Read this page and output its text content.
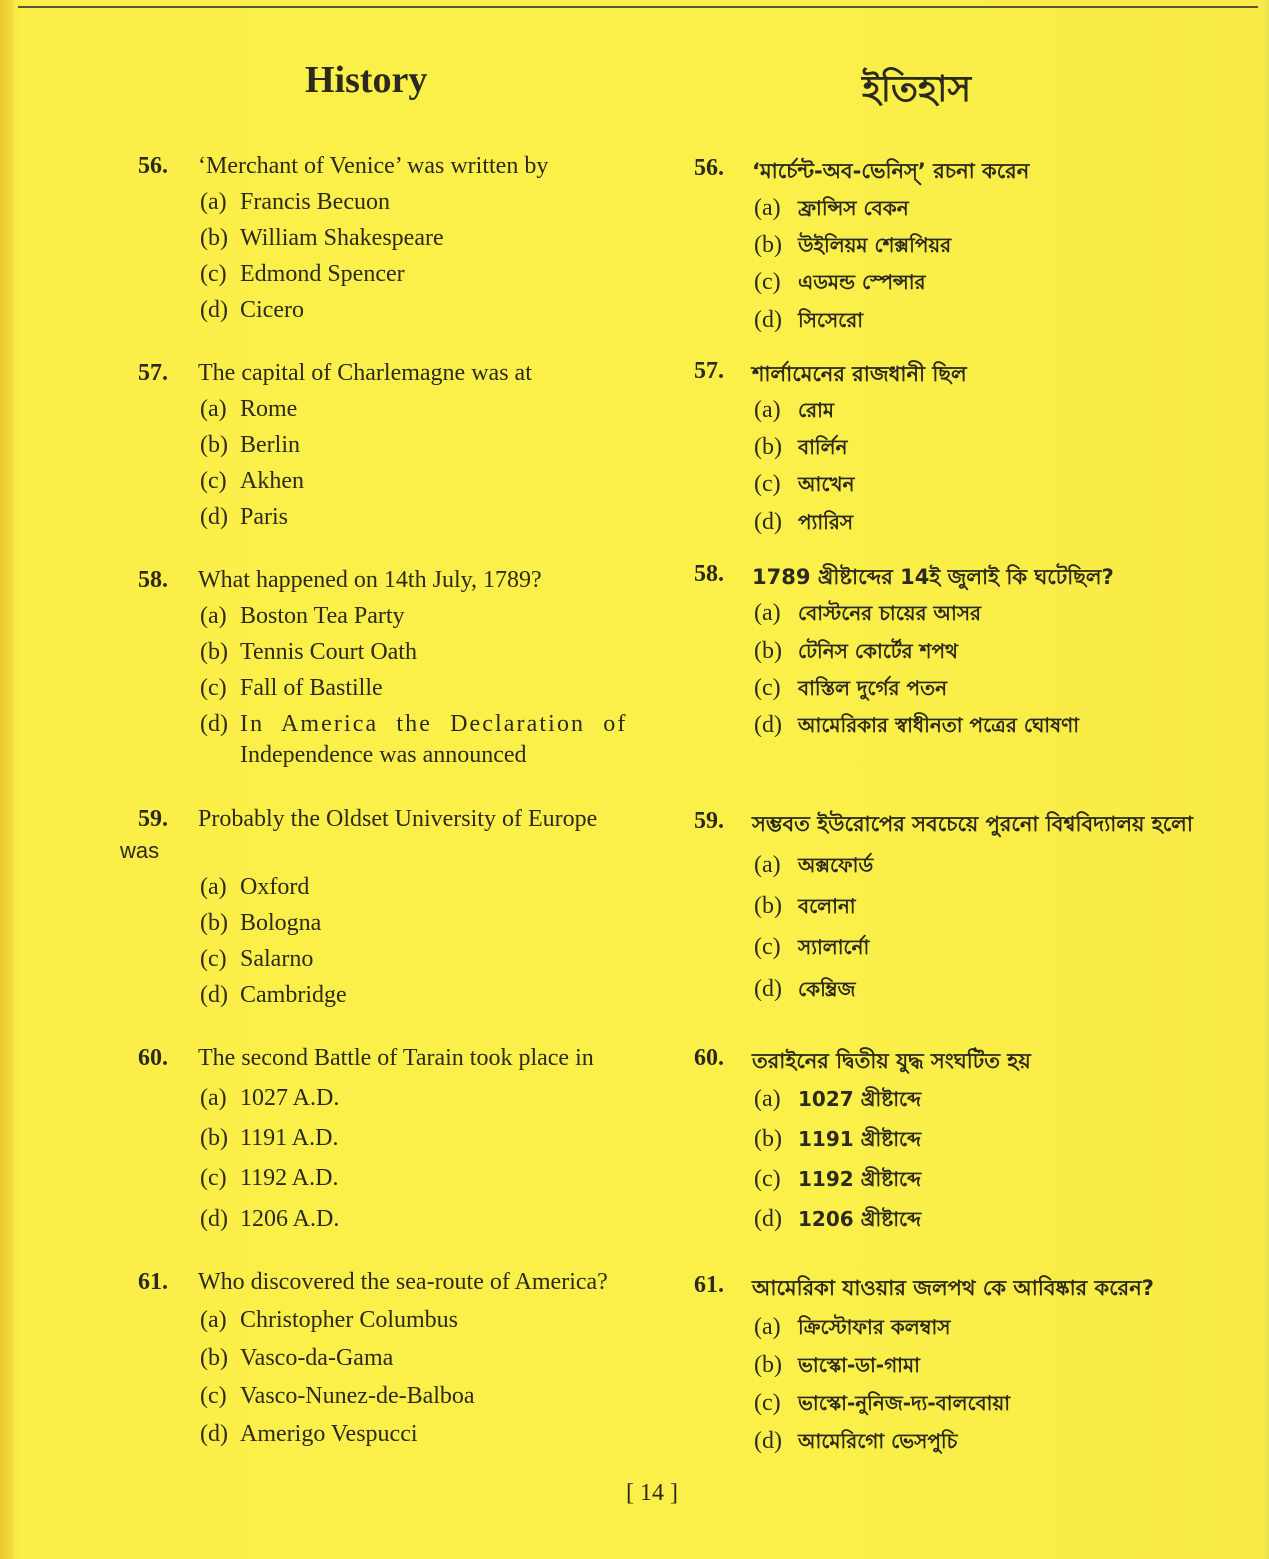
History	ইতিহাস
56. ‘Merchant of Venice’ was written by
(a) Francis Becuon
(b) William Shakespeare
(c) Edmond Spencer
(d) Cicero
57. The capital of Charlemagne was at
(a) Rome
(b) Berlin
(c) Akhen
(d) Paris
58. What happened on 14th July, 1789?
(a) Boston Tea Party
(b) Tennis Court Oath
(c) Fall of Bastille
(d) In America the Declaration of
Independence was announced
59. Probably the Oldset University of Europe
was
(a) Oxford
(b) Bologna
(c) Salarno
(d) Cambridge
60. The second Battle of Tarain took place in
(a) 1027 A.D.
(b) 1191 A.D.
(c) 1192 A.D.
(d) 1206 A.D.
61. Who discovered the sea-route of America?
(a) Christopher Columbus
(b) Vasco-da-Gama
(c) Vasco-Nunez-de-Balboa
(d) Amerigo Vespucci
56. ‘মার্চেন্ট-অব-ভেনিস্’ রচনা করেন
(a) ফ্রান্সিস বেকন
(b) উইলিয়ম শেক্সপিয়র
(c) এডমন্ড স্পেন্সার
(d) সিসেরো
57. শার্লামেনের রাজধানী ছিল
(a) রোম
(b) বার্লিন
(c) আখেন
(d) প্যারিস
58. 1789 খ্রীষ্টাব্দের 14ই জুলাই কি ঘটেছিল?
(a) বোস্টনের চায়ের আসর
(b) টেনিস কোর্টের শপথ
(c) বাস্তিল দুর্গের পতন
(d) আমেরিকার স্বাধীনতা পত্রের ঘোষণা
59. সম্ভবত ইউরোপের সবচেয়ে পুরনো বিশ্ববিদ্যালয় হলো
(a) অক্সফোর্ড
(b) বলোনা
(c) স্যালার্নো
(d) কেম্ব্রিজ
60. তরাইনের দ্বিতীয় যুদ্ধ সংঘটিত হয়
(a) 1027 খ্রীষ্টাব্দে
(b) 1191 খ্রীষ্টাব্দে
(c) 1192 খ্রীষ্টাব্দে
(d) 1206 খ্রীষ্টাব্দে
61. আমেরিকা যাওয়ার জলপথ কে আবিষ্কার করেন?
(a) ক্রিস্টোফার কলম্বাস
(b) ভাস্কো-ডা-গামা
(c) ভাস্কো-নুনিজ-দ্য-বালবোয়া
(d) আমেরিগো ভেসপুচি
[ 14 ]
